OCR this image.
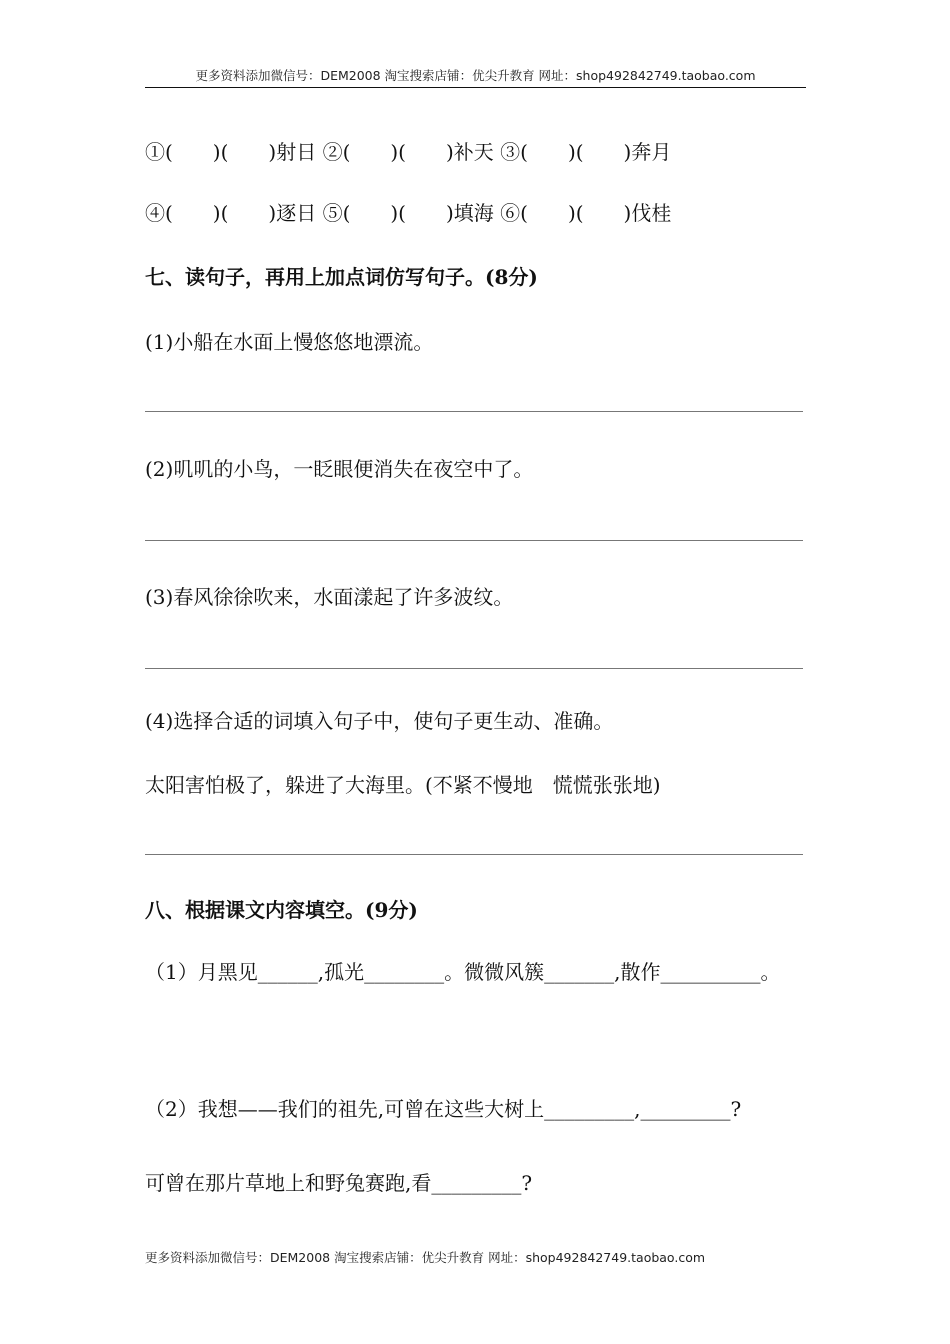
更多资料添加微信号：DEM2008 淘宝搜索店铺：优尖升教育 网址：shop492842749.taobao.com
①(　　)(　　)射日 ②(　　)(　　)补天 ③(　　)(　　)奔月
④(　　)(　　)逐日 ⑤(　　)(　　)填海 ⑥(　　)(　　)伐桂
七、读句子，再用上加点词仿写句子。(8分)
(1)小船在水面上慢悠悠地漂流。
(2)叽叽的小鸟，一眨眼便消失在夜空中了。
(3)春风徐徐吹来，水面漾起了许多波纹。
(4)选择合适的词填入句子中，使句子更生动、准确。
太阳害怕极了，躲进了大海里。(不紧不慢地　慌慌张张地)
八、根据课文内容填空。(9分)
（1）月黑见______,孤光________。微微风簇_______,散作__________。
（2）我想——我们的祖先,可曾在这些大树上_________,_________?
可曾在那片草地上和野兔赛跑,看_________?
更多资料添加微信号：DEM2008 淘宝搜索店铺：优尖升教育 网址：shop492842749.taobao.com
